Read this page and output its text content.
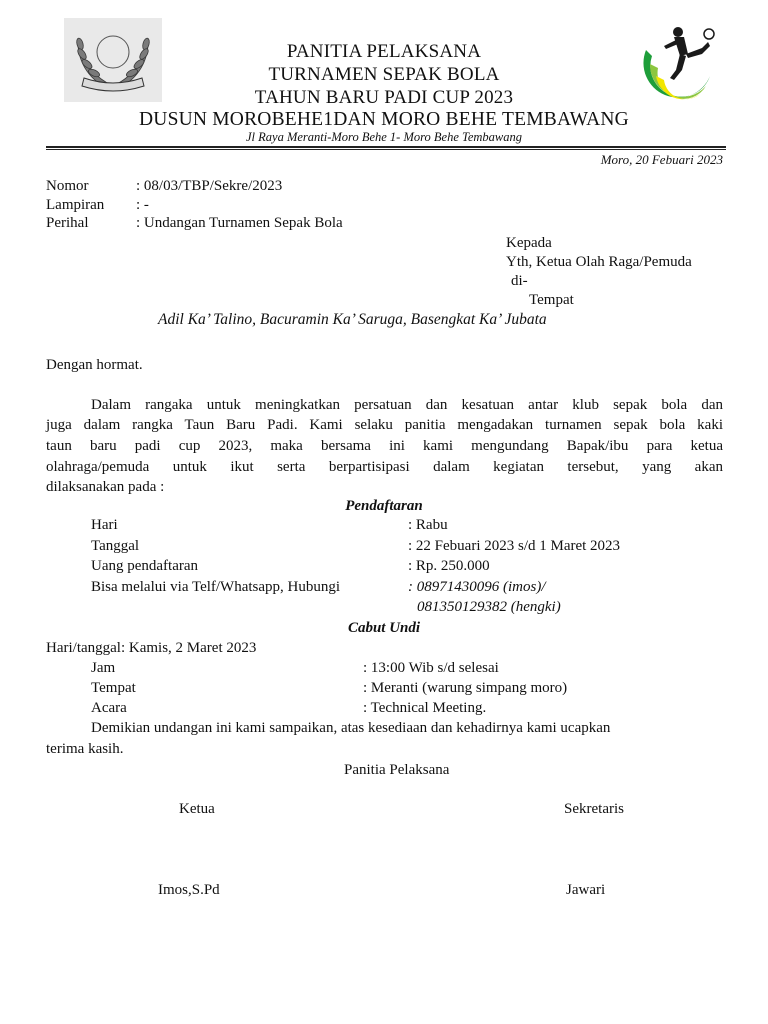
PANITIA PELAKSANA
TURNAMEN SEPAK BOLA
TAHUN BARU PADI CUP 2023
DUSUN MOROBEHE1DAN MORO BEHE TEMBAWANG
Jl Raya Meranti-Moro Behe 1- Moro Behe Tembawang
Moro, 20 Febuari 2023
Nomor	: 08/03/TBP/Sekre/2023
Lampiran : -
Perihal	: Undangan Turnamen Sepak Bola
Kepada
Yth, Ketua Olah Raga/Pemuda
di-
Tempat
Adil Ka’ Talino, Bacuramin Ka’ Saruga, Basengkat Ka’ Jubata
Dengan hormat.
Dalam rangaka untuk meningkatkan persatuan dan kesatuan antar klub sepak bola dan
juga dalam rangka Taun Baru Padi. Kami selaku panitia mengadakan turnamen sepak bola kaki
taun baru padi cup 2023, maka bersama ini kami mengundang Bapak/ibu para ketua
olahraga/pemuda untuk ikut serta berpartisipasi dalam kegiatan tersebut, yang akan
dilaksanakan pada :
Pendaftaran
Hari	: Rabu
Tanggal	: 22 Febuari 2023 s/d 1 Maret 2023
Uang pendaftaran	: Rp. 250.000
Bisa melalui via Telf/Whatsapp, Hubungi	: 08971430096 (imos)/
081350129382 (hengki)
Cabut Undi
Hari/tanggal: Kamis, 2 Maret 2023
Jam	: 13:00 Wib s/d selesai
Tempat	: Meranti (warung simpang moro)
Acara	: Technical Meeting.
Demikian undangan ini kami sampaikan, atas kesediaan dan kehadirnya kami ucapkan
terima kasih.
Panitia Pelaksana
Ketua	Sekretaris
Imos,S.Pd	Jawari
